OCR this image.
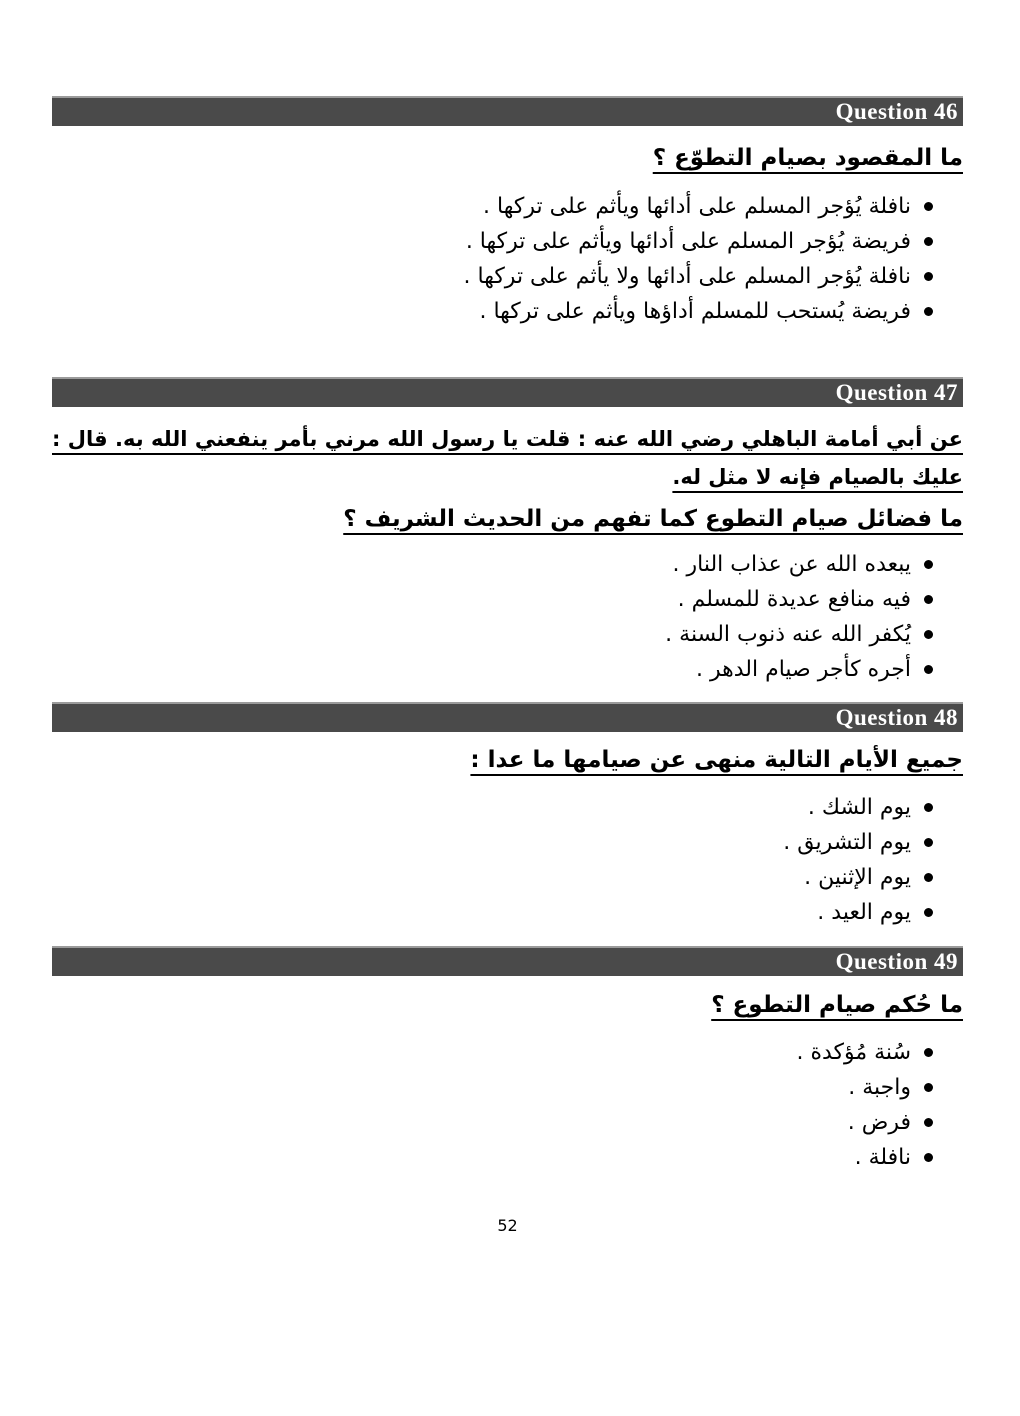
Question 46

ما المقصود بصيام التطوّع ؟

نافلة يُؤجر المسلم على أدائها ويأثم على تركها .
فريضة يُؤجر المسلم على أدائها ويأثم على تركها .
نافلة يُؤجر المسلم على أدائها ولا يأثم على تركها .
فريضة يُستحب للمسلم أداؤها ويأثم على تركها .
Question 47

عن أبي أمامة الباهلي رضي الله عنه : قلت يا رسول الله مرني بأمر ينفعني الله به. قال : عليك بالصيام فإنه لا مثل له.

ما فضائل صيام التطوع كما تفهم من الحديث الشريف ؟

يبعده الله عن عذاب النار .
فيه منافع عديدة للمسلم .
يُكفر الله عنه ذنوب السنة .
أجره كأجر صيام الدهر .
Question 48

جميع الأيام التالية منهى عن صيامها ما عدا :

يوم الشك .
يوم التشريق .
يوم الإثنين .
يوم العيد .
Question 49

ما حُكم صيام التطوع ؟

سُنة مُؤكدة .
واجبة .
فرض .
نافلة .
52
